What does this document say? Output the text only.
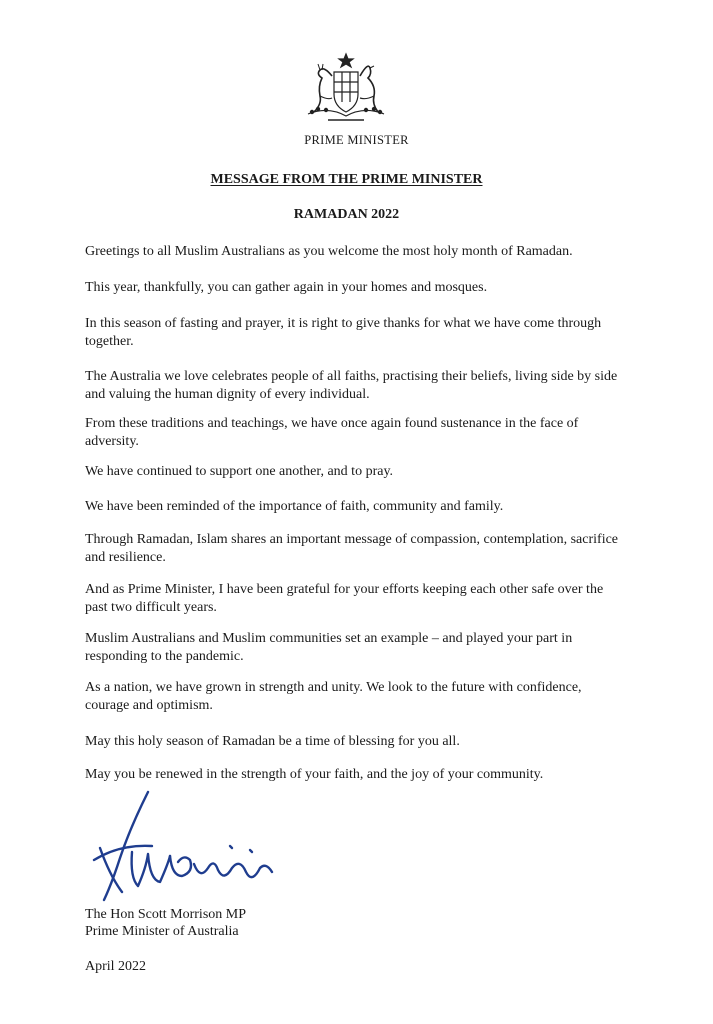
PRIME MINISTER
MESSAGE FROM THE PRIME MINISTER
RAMADAN 2022

Greetings to all Muslim Australians as you welcome the most holy month of Ramadan.

This year, thankfully, you can gather again in your homes and mosques.

In this season of fasting and prayer, it is right to give thanks for what we have come through together.

The Australia we love celebrates people of all faiths, practising their beliefs, living side by side and valuing the human dignity of every individual.

From these traditions and teachings, we have once again found sustenance in the face of adversity.

We have continued to support one another, and to pray.

We have been reminded of the importance of faith, community and family.

Through Ramadan, Islam shares an important message of compassion, contemplation, sacrifice and resilience.

And as Prime Minister, I have been grateful for your efforts keeping each other safe over the past two difficult years.

Muslim Australians and Muslim communities set an example – and played your part in responding to the pandemic.

As a nation, we have grown in strength and unity. We look to the future with confidence, courage and optimism.

May this holy season of Ramadan be a time of blessing for you all.

May you be renewed in the strength of your faith, and the joy of your community.

The Hon Scott Morrison MP
Prime Minister of Australia
April 2022
